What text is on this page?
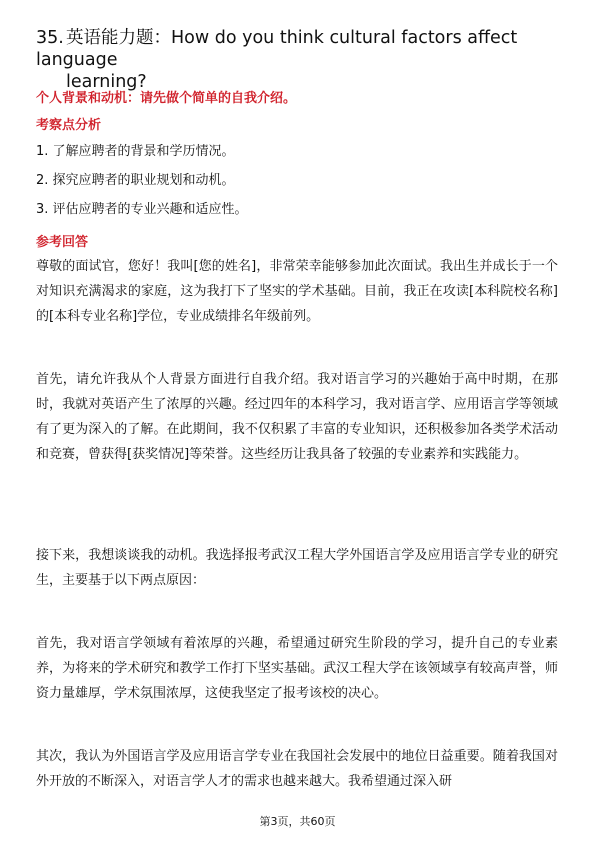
35. 英语能力题：How do you think cultural factors affect language
learning?
个人背景和动机：请先做个简单的自我介绍。
考察点分析
1. 了解应聘者的背景和学历情况。
2. 探究应聘者的职业规划和动机。
3. 评估应聘者的专业兴趣和适应性。
参考回答
尊敬的面试官，您好！我叫[您的姓名]，非常荣幸能够参加此次面试。我出生并成长于一个对知识充满渴求的家庭，这为我打下了坚实的学术基础。目前，我正在攻读[本科院校名称]的[本科专业名称]学位，专业成绩排名年级前列。
首先，请允许我从个人背景方面进行自我介绍。我对语言学习的兴趣始于高中时期，在那时，我就对英语产生了浓厚的兴趣。经过四年的本科学习，我对语言学、应用语言学等领域有了更为深入的了解。在此期间，我不仅积累了丰富的专业知识，还积极参加各类学术活动和竞赛，曾获得[获奖情况]等荣誉。这些经历让我具备了较强的专业素养和实践能力。
接下来，我想谈谈我的动机。我选择报考武汉工程大学外国语言学及应用语言学专业的研究生，主要基于以下两点原因：
首先，我对语言学领域有着浓厚的兴趣，希望通过研究生阶段的学习，提升自己的专业素养，为将来的学术研究和教学工作打下坚实基础。武汉工程大学在该领域享有较高声誉，师资力量雄厚，学术氛围浓厚，这使我坚定了报考该校的决心。
其次，我认为外国语言学及应用语言学专业在我国社会发展中的地位日益重要。随着我国对外开放的不断深入，对语言学人才的需求也越来越大。我希望通过深入研
第3页，共60页
